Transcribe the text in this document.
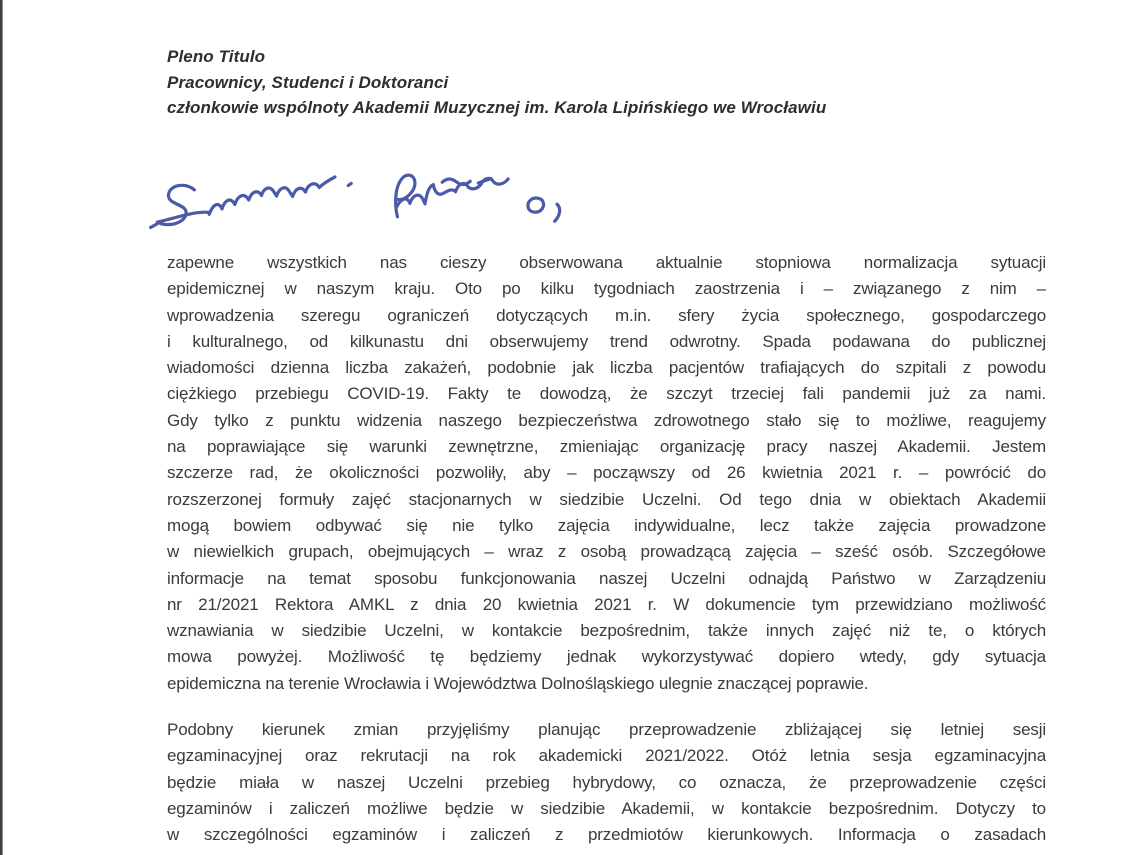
Pleno Titulo
Pracownicy, Studenci i Doktoranci
członkowie wspólnoty Akademii Muzycznej im. Karola Lipińskiego we Wrocławiu
zapewne wszystkich nas cieszy obserwowana aktualnie stopniowa normalizacja sytuacji
epidemicznej w naszym kraju. Oto po kilku tygodniach zaostrzenia i – związanego z nim –
wprowadzenia szeregu ograniczeń dotyczących m.in. sfery życia społecznego, gospodarczego
i kulturalnego, od kilkunastu dni obserwujemy trend odwrotny. Spada podawana do publicznej
wiadomości dzienna liczba zakażeń, podobnie jak liczba pacjentów trafiających do szpitali z powodu
ciężkiego przebiegu COVID-19. Fakty te dowodzą, że szczyt trzeciej fali pandemii już za nami.
Gdy tylko z punktu widzenia naszego bezpieczeństwa zdrowotnego stało się to możliwe, reagujemy
na poprawiające się warunki zewnętrzne, zmieniając organizację pracy naszej Akademii. Jestem
szczerze rad, że okoliczności pozwoliły, aby – począwszy od 26 kwietnia 2021 r. – powrócić do
rozszerzonej formuły zajęć stacjonarnych w siedzibie Uczelni. Od tego dnia w obiektach Akademii
mogą bowiem odbywać się nie tylko zajęcia indywidualne, lecz także zajęcia prowadzone
w niewielkich grupach, obejmujących – wraz z osobą prowadzącą zajęcia – sześć osób. Szczegółowe
informacje na temat sposobu funkcjonowania naszej Uczelni odnajdą Państwo w Zarządzeniu
nr 21/2021 Rektora AMKL z dnia 20 kwietnia 2021 r. W dokumencie tym przewidziano możliwość
wznawiania w siedzibie Uczelni, w kontakcie bezpośrednim, także innych zajęć niż te, o których
mowa powyżej. Możliwość tę będziemy jednak wykorzystywać dopiero wtedy, gdy sytuacja
epidemiczna na terenie Wrocławia i Województwa Dolnośląskiego ulegnie znaczącej poprawie.
Podobny kierunek zmian przyjęliśmy planując przeprowadzenie zbliżającej się letniej sesji
egzaminacyjnej oraz rekrutacji na rok akademicki 2021/2022. Otóż letnia sesja egzaminacyjna
będzie miała w naszej Uczelni przebieg hybrydowy, co oznacza, że przeprowadzenie części
egzaminów i zaliczeń możliwe będzie w siedzibie Akademii, w kontakcie bezpośrednim. Dotyczy to
w szczególności egzaminów i zaliczeń z przedmiotów kierunkowych. Informacja o zasadach
